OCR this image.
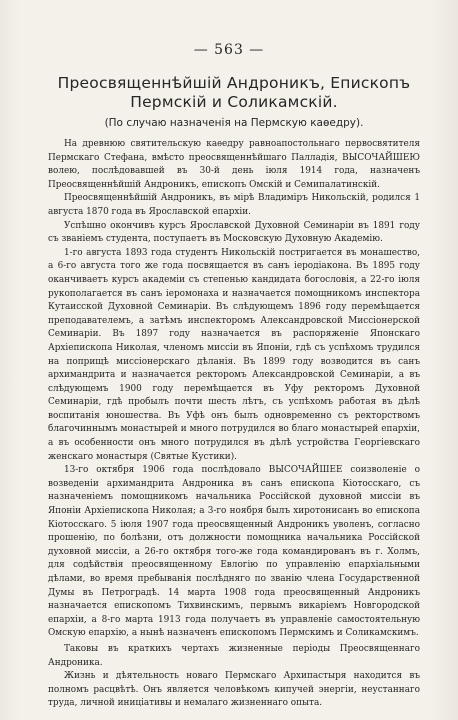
— 563 —
Преосвященнѣйшій Андроникъ, Епископъ Пермскій и Соликамскій.
(По случаю назначенія на Пермскую каѳедру).

На древнюю святительскую каѳедру равноапостольнаго первосвятителя Пермскаго Стефана, вмѣсто преосвященнѣйшаго Палладія, ВЫСОЧАЙШЕЮ волею, послѣдовавшей въ 30-й день іюля 1914 года, назначенъ Преосвященнѣйшій Андроникъ, епископъ Омскій и Семипалатинскій.

Преосвященнѣйшій Андроникъ, въ мірѣ Владиміръ Никольскій, родился 1 августа 1870 года въ Ярославской епархіи.

Успѣшно окончивъ курсъ Ярославской Духовной Семинаріи въ 1891 году съ званіемъ студента, поступаетъ въ Московскую Духовную Академію.

1-го августа 1893 года студентъ Никольскій постригается въ монашество, а 6-го августа того же года посвящается въ санъ іеродіакона. Въ 1895 году оканчиваетъ курсъ академіи съ степенью кандидата богословія, а 22-го іюля рукополагается въ санъ іеромонаха и назначается помощникомъ инспектора Кутаисской Духовной Семинаріи. Въ слѣдующемъ 1896 году перемѣщается преподавателемъ, а затѣмъ инспекторомъ Александровской Миссіонерской Семинаріи. Въ 1897 году назначается въ распоряженіе Японскаго Архіепископа Николая, членомъ миссіи въ Японіи, гдѣ съ успѣхомъ трудился на поприщѣ миссіонерскаго дѣланія. Въ 1899 году возводится въ санъ архимандрита и назначается ректоромъ Александровской Семинаріи, а въ слѣдующемъ 1900 году перемѣщается въ Уфу ректоромъ Духовной Семинаріи, гдѣ пробылъ почти шесть лѣтъ, съ успѣхомъ работая въ дѣлѣ воспитанія юношества. Въ Уфѣ онъ былъ одновременно съ ректорствомъ благочиннымъ монастырей и много потрудился во благо монастырей епархіи, а въ особенности онъ много потрудился въ дѣлѣ устройства Георгіевскаго женскаго монастыря (Святые Кустики).

13-го октября 1906 года послѣдовало ВЫСОЧАЙШЕЕ соизволеніе о возведеніи архимандрита Андроника въ санъ епископа Кіотосскаго, съ назначеніемъ помощникомъ начальника Россійской духовной миссіи въ Японіи Архіепископа Николая; а 3-го ноября былъ хиротонисанъ во епископа Кіотосскаго. 5 іюля 1907 года преосвященный Андроникъ уволенъ, согласно прошенію, по болѣзни, отъ должности помощника начальника Россійской духовной миссіи, а 26-го октября того-же года командированъ въ г. Холмъ, для содѣйствія преосвященному Евлогію по управленію епархіальными дѣлами, во время пребыванія послѣдняго по званію члена Государственной Думы въ Петроградѣ. 14 марта 1908 года преосвященный Андроникъ назначается епископомъ Тихвинскимъ, первымъ викаріемъ Новгородской епархіи, а 8-го марта 1913 года получаетъ въ управленіе самостоятельную Омскую епархію, а нынѣ назначенъ епископомъ Пермскимъ и Соликамскимъ.

Таковы въ краткихъ чертахъ жизненные періоды Преосвященнаго Андроника.

Жизнь и дѣятельность новаго Пермскаго Архипастыря находится въ полномъ расцвѣтѣ. Онъ является человѣкомъ кипучей энергіи, неустаннаго труда, личной иниціативы и немалаго жизненнаго опыта.
